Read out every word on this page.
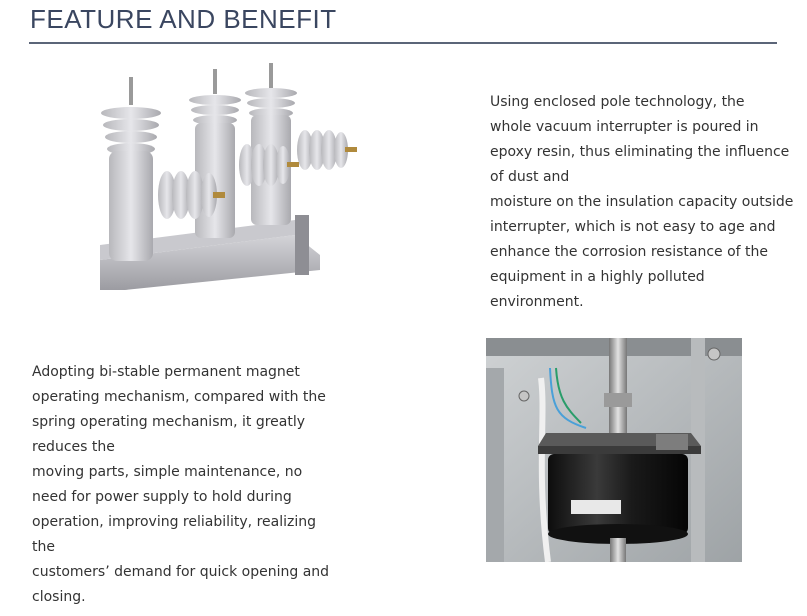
FEATURE AND BENEFIT
Using enclosed pole technology, the
whole vacuum interrupter is poured in
epoxy resin, thus eliminating the influence
of dust and
moisture on the insulation capacity outside
interrupter, which is not easy to age and
enhance the corrosion resistance of the
equipment in a highly polluted
environment.
Adopting bi-stable permanent magnet
operating mechanism, compared with the
spring operating mechanism, it greatly
reduces the
moving parts, simple maintenance, no
need for power supply to hold during
operation, improving reliability, realizing
the
customers’ demand for quick opening and
closing.
